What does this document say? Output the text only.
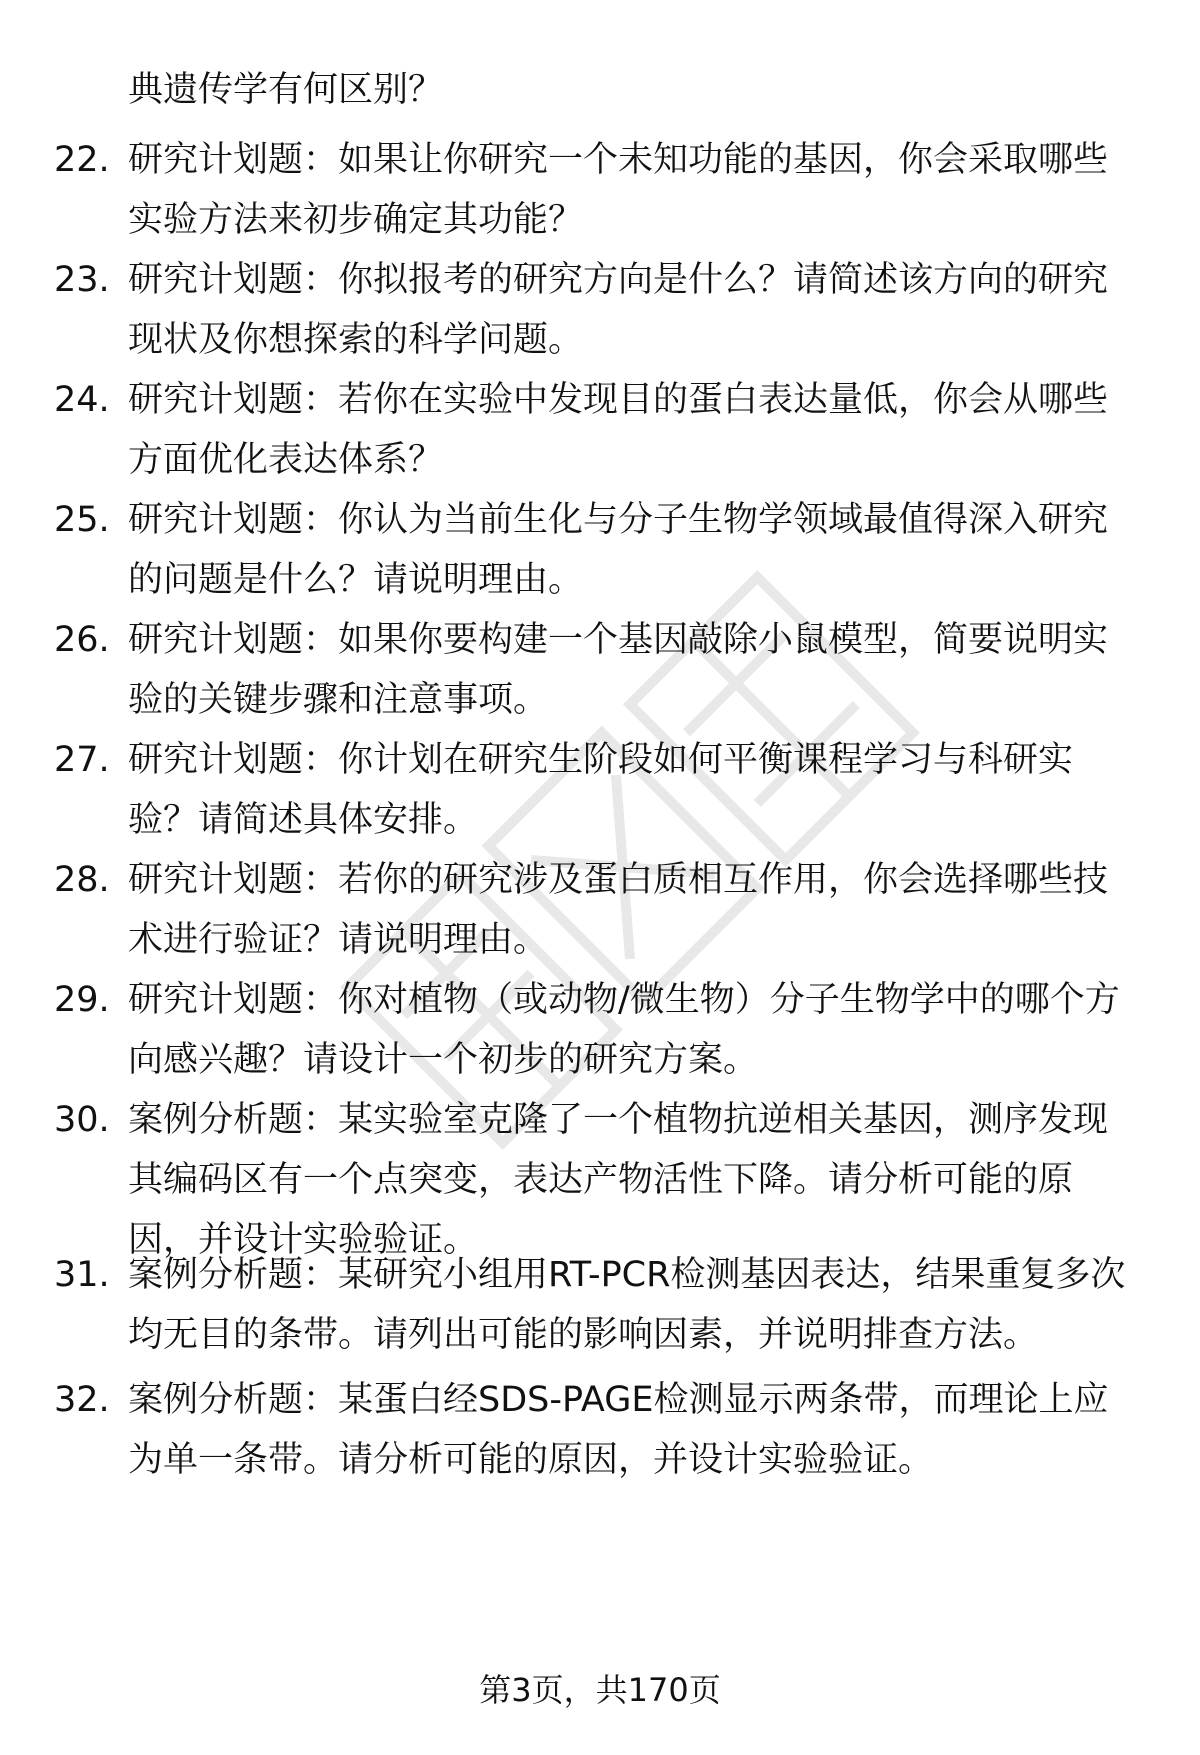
典遗传学有何区别？
22. 研究计划题：如果让你研究一个未知功能的基因，你会采取哪些
实验方法来初步确定其功能？
23. 研究计划题：你拟报考的研究方向是什么？请简述该方向的研究
现状及你想探索的科学问题。
24. 研究计划题：若你在实验中发现目的蛋白表达量低，你会从哪些
方面优化表达体系？
25. 研究计划题：你认为当前生化与分子生物学领域最值得深入研究
的问题是什么？请说明理由。
26. 研究计划题：如果你要构建一个基因敲除小鼠模型，简要说明实
验的关键步骤和注意事项。
27. 研究计划题：你计划在研究生阶段如何平衡课程学习与科研实
验？请简述具体安排。
28. 研究计划题：若你的研究涉及蛋白质相互作用，你会选择哪些技
术进行验证？请说明理由。
29. 研究计划题：你对植物（或动物/微生物）分子生物学中的哪个方
向感兴趣？请设计一个初步的研究方案。
30. 案例分析题：某实验室克隆了一个植物抗逆相关基因，测序发现
其编码区有一个点突变，表达产物活性下降。请分析可能的原
因，并设计实验验证。
31. 案例分析题：某研究小组用RT-PCR检测基因表达，结果重复多次
均无目的条带。请列出可能的影响因素，并说明排查方法。
32. 案例分析题：某蛋白经SDS-PAGE检测显示两条带，而理论上应
为单一条带。请分析可能的原因，并设计实验验证。
第3页，共170页
